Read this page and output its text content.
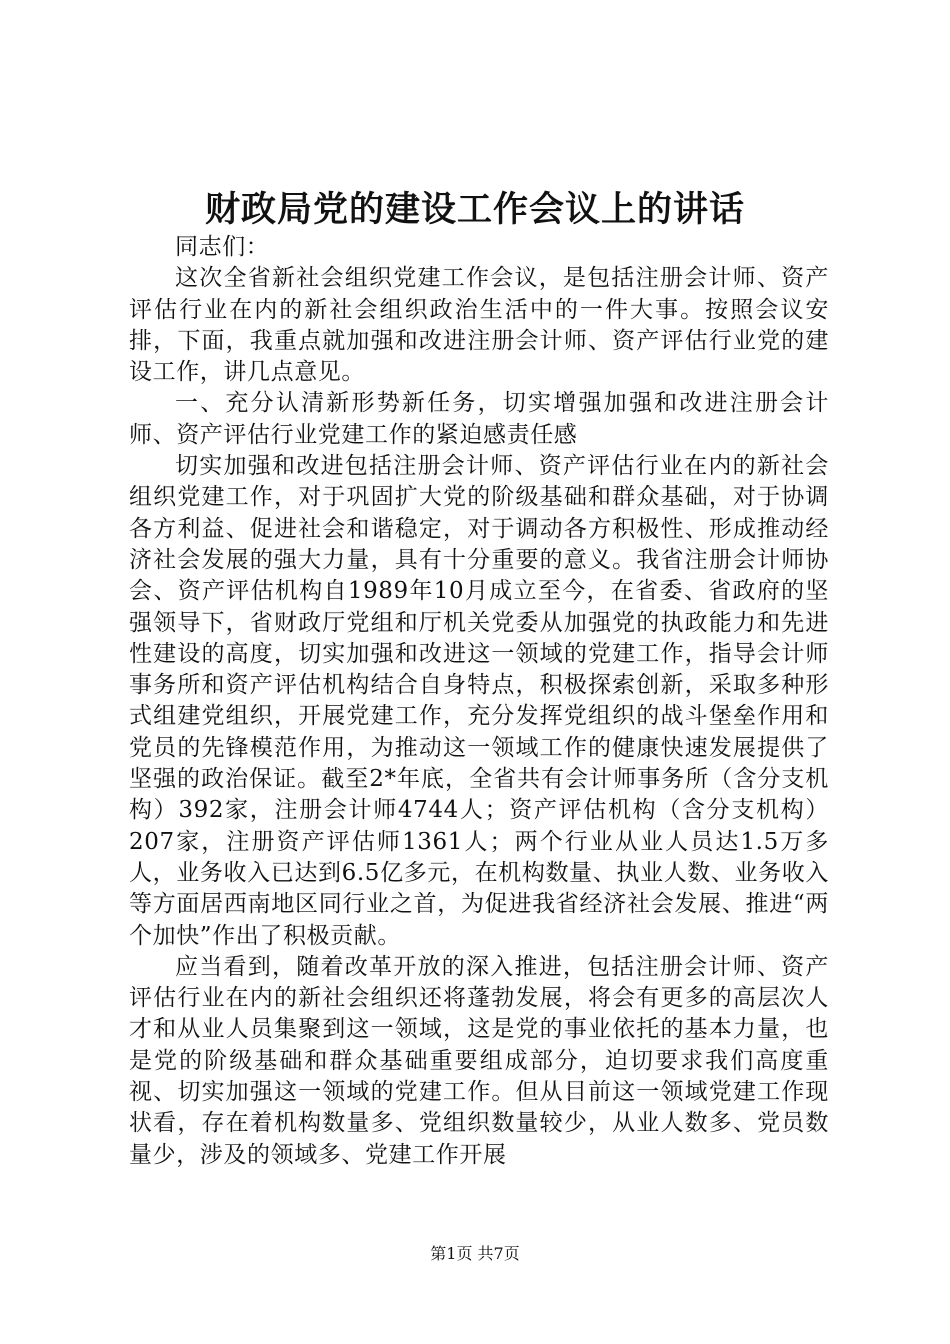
财政局党的建设工作会议上的讲话

同志们：

这次全省新社会组织党建工作会议，是包括注册会计师、资产评估行业在内的新社会组织政治生活中的一件大事。按照会议安排，下面，我重点就加强和改进注册会计师、资产评估行业党的建设工作，讲几点意见。

一、充分认清新形势新任务，切实增强加强和改进注册会计师、资产评估行业党建工作的紧迫感责任感

切实加强和改进包括注册会计师、资产评估行业在内的新社会组织党建工作，对于巩固扩大党的阶级基础和群众基础，对于协调各方利益、促进社会和谐稳定，对于调动各方积极性、形成推动经济社会发展的强大力量，具有十分重要的意义。我省注册会计师协会、资产评估机构自1989年10月成立至今，在省委、省政府的坚强领导下，省财政厅党组和厅机关党委从加强党的执政能力和先进性建设的高度，切实加强和改进这一领域的党建工作，指导会计师事务所和资产评估机构结合自身特点，积极探索创新，采取多种形式组建党组织，开展党建工作，充分发挥党组织的战斗堡垒作用和党员的先锋模范作用，为推动这一领域工作的健康快速发展提供了坚强的政治保证。截至2*年底，全省共有会计师事务所（含分支机构）392家，注册会计师4744人；资产评估机构（含分支机构）207家，注册资产评估师1361人；两个行业从业人员达1.5万多人，业务收入已达到6.5亿多元，在机构数量、执业人数、业务收入等方面居西南地区同行业之首，为促进我省经济社会发展、推进“两个加快”作出了积极贡献。

应当看到，随着改革开放的深入推进，包括注册会计师、资产评估行业在内的新社会组织还将蓬勃发展，将会有更多的高层次人才和从业人员集聚到这一领域，这是党的事业依托的基本力量，也是党的阶级基础和群众基础重要组成部分，迫切要求我们高度重视、切实加强这一领域的党建工作。但从目前这一领域党建工作现状看，存在着机构数量多、党组织数量较少，从业人数多、党员数量少，涉及的领域多、党建工作开展

第1页 共7页
